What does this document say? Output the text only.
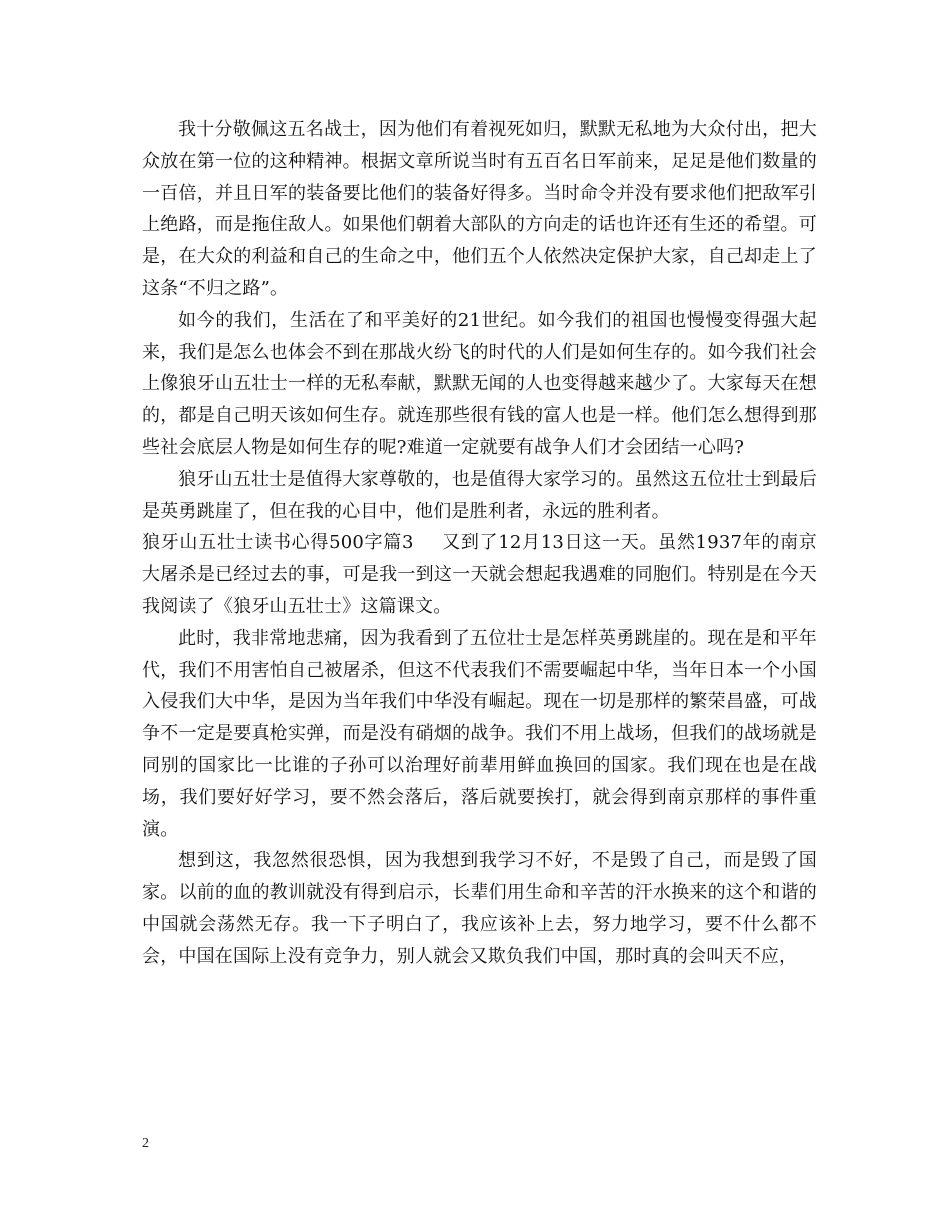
我十分敬佩这五名战士，因为他们有着视死如归，默默无私地为大众付出，把大众放在第一位的这种精神。根据文章所说当时有五百名日军前来，足足是他们数量的一百倍，并且日军的装备要比他们的装备好得多。当时命令并没有要求他们把敌军引上绝路，而是拖住敌人。如果他们朝着大部队的方向走的话也许还有生还的希望。可是，在大众的利益和自己的生命之中，他们五个人依然决定保护大家，自己却走上了这条“不归之路”。

如今的我们，生活在了和平美好的21世纪。如今我们的祖国也慢慢变得强大起来，我们是怎么也体会不到在那战火纷飞的时代的人们是如何生存的。如今我们社会上像狼牙山五壮士一样的无私奉献，默默无闻的人也变得越来越少了。大家每天在想的，都是自己明天该如何生存。就连那些很有钱的富人也是一样。他们怎么想得到那些社会底层人物是如何生存的呢?难道一定就要有战争人们才会团结一心吗?

狼牙山五壮士是值得大家尊敬的，也是值得大家学习的。虽然这五位壮士到最后是英勇跳崖了，但在我的心目中，他们是胜利者，永远的胜利者。

狼牙山五壮士读书心得500字篇3 又到了12月13日这一天。虽然1937年的南京大屠杀是已经过去的事，可是我一到这一天就会想起我遇难的同胞们。特别是在今天我阅读了《狼牙山五壮士》这篇课文。

此时，我非常地悲痛，因为我看到了五位壮士是怎样英勇跳崖的。现在是和平年代，我们不用害怕自己被屠杀，但这不代表我们不需要崛起中华，当年日本一个小国入侵我们大中华，是因为当年我们中华没有崛起。现在一切是那样的繁荣昌盛，可战争不一定是要真枪实弹，而是没有硝烟的战争。我们不用上战场，但我们的战场就是同别的国家比一比谁的子孙可以治理好前辈用鲜血换回的国家。我们现在也是在战场，我们要好好学习，要不然会落后，落后就要挨打，就会得到南京那样的事件重演。

想到这，我忽然很恐惧，因为我想到我学习不好，不是毁了自己，而是毁了国家。以前的血的教训就没有得到启示，长辈们用生命和辛苦的汗水换来的这个和谐的中国就会荡然无存。我一下子明白了，我应该补上去，努力地学习，要不什么都不会，中国在国际上没有竞争力，别人就会又欺负我们中国，那时真的会叫天不应，

2
